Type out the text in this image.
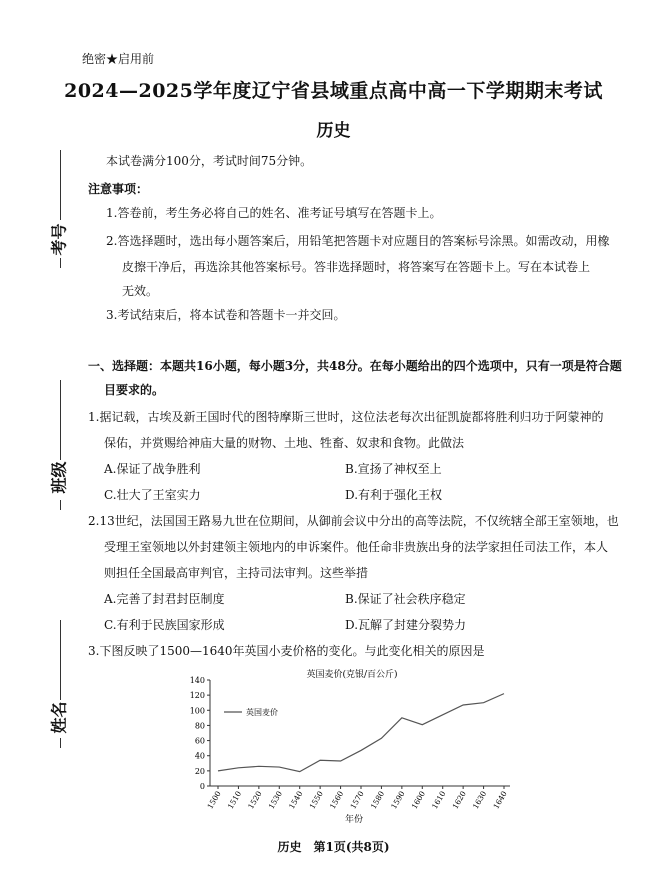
绝密★启用前
2024—2025学年度辽宁省县域重点高中高一下学期期末考试
历史
考号
班级
姓名
本试卷满分100分，考试时间75分钟。
注意事项：
1.答卷前，考生务必将自己的姓名、准考证号填写在答题卡上。
2.答选择题时，选出每小题答案后，用铅笔把答题卡对应题目的答案标号涂黑。如需改动，用橡
皮擦干净后，再选涂其他答案标号。答非选择题时，将答案写在答题卡上。写在本试卷上
无效。
3.考试结束后，将本试卷和答题卡一并交回。
一、选择题：本题共16小题，每小题3分，共48分。在每小题给出的四个选项中，只有一项是符合题
目要求的。
1.据记载，古埃及新王国时代的图特摩斯三世时，这位法老每次出征凯旋都将胜利归功于阿蒙神的
保佑，并赏赐给神庙大量的财物、土地、牲畜、奴隶和食物。此做法
A.保证了战争胜利	B.宣扬了神权至上
C.壮大了王室实力	D.有利于强化王权
2.13世纪，法国国王路易九世在位期间，从御前会议中分出的高等法院，不仅统辖全部王室领地，也
受理王室领地以外封建领主领地内的申诉案件。他任命非贵族出身的法学家担任司法工作，本人
则担任全国最高审判官，主持司法审判。这些举措
A.完善了封君封臣制度	B.保证了社会秩序稳定
C.有利于民族国家形成	D.瓦解了封建分裂势力
3.下图反映了1500—1640年英国小麦价格的变化。与此变化相关的原因是
英国麦价(克银/百公斤)
年份
0
20
40
60
80
100
120
140
1500 1510 1520 1530 1540 1550 1560 1570 1580 1590 1600 1610 1620 1630 1640
英国麦价
历史　第1页(共8页)
